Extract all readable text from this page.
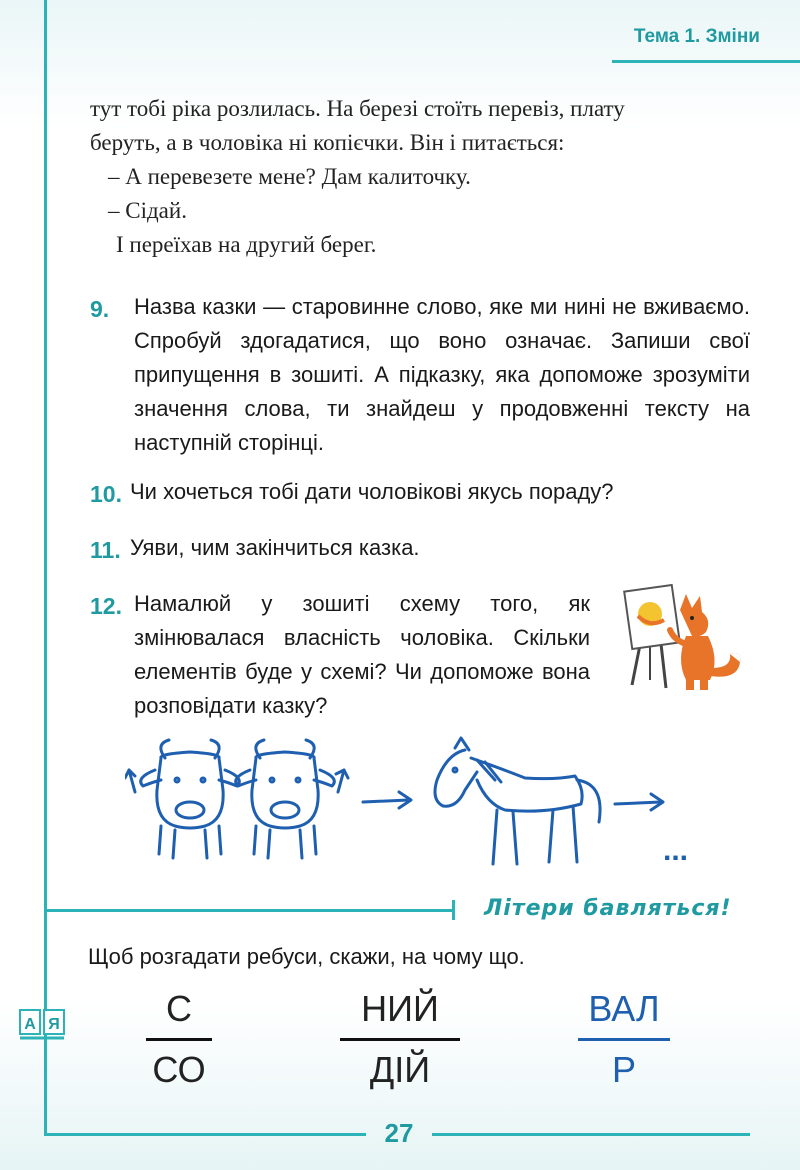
Тема 1. Зміни

тут тобі ріка розлилась. На березі стоїть перевіз, плату

беруть, а в чоловіка ні копієчки. Він і питається:

– А перевезете мене? Дам калиточку.

– Сідай.

І переїхав на другий берег.

9. Назва казки — старовинне слово, яке ми нині не вживаємо. Спробуй здогадатися, що воно означає. Запиши свої припущення в зошиті. А підказку, яка допоможе зрозуміти значення слова, ти знайдеш у продовженні тексту на наступній сторінці.
10. Чи хочеться тобі дати чоловікові якусь пораду?
11. Уяви, чим закінчиться казка.
12. Намалюй у зошиті схему того, як змінювалася власність чоловіка. Скільки елементів буде у схемі? Чи допоможе вона розповідати казку?
...
Літери бавляться!
Щоб розгадати ребуси, скажи, на чому що.
А Я	С
СО
НИЙ
ДІЙ
ВАЛ
Р
27
